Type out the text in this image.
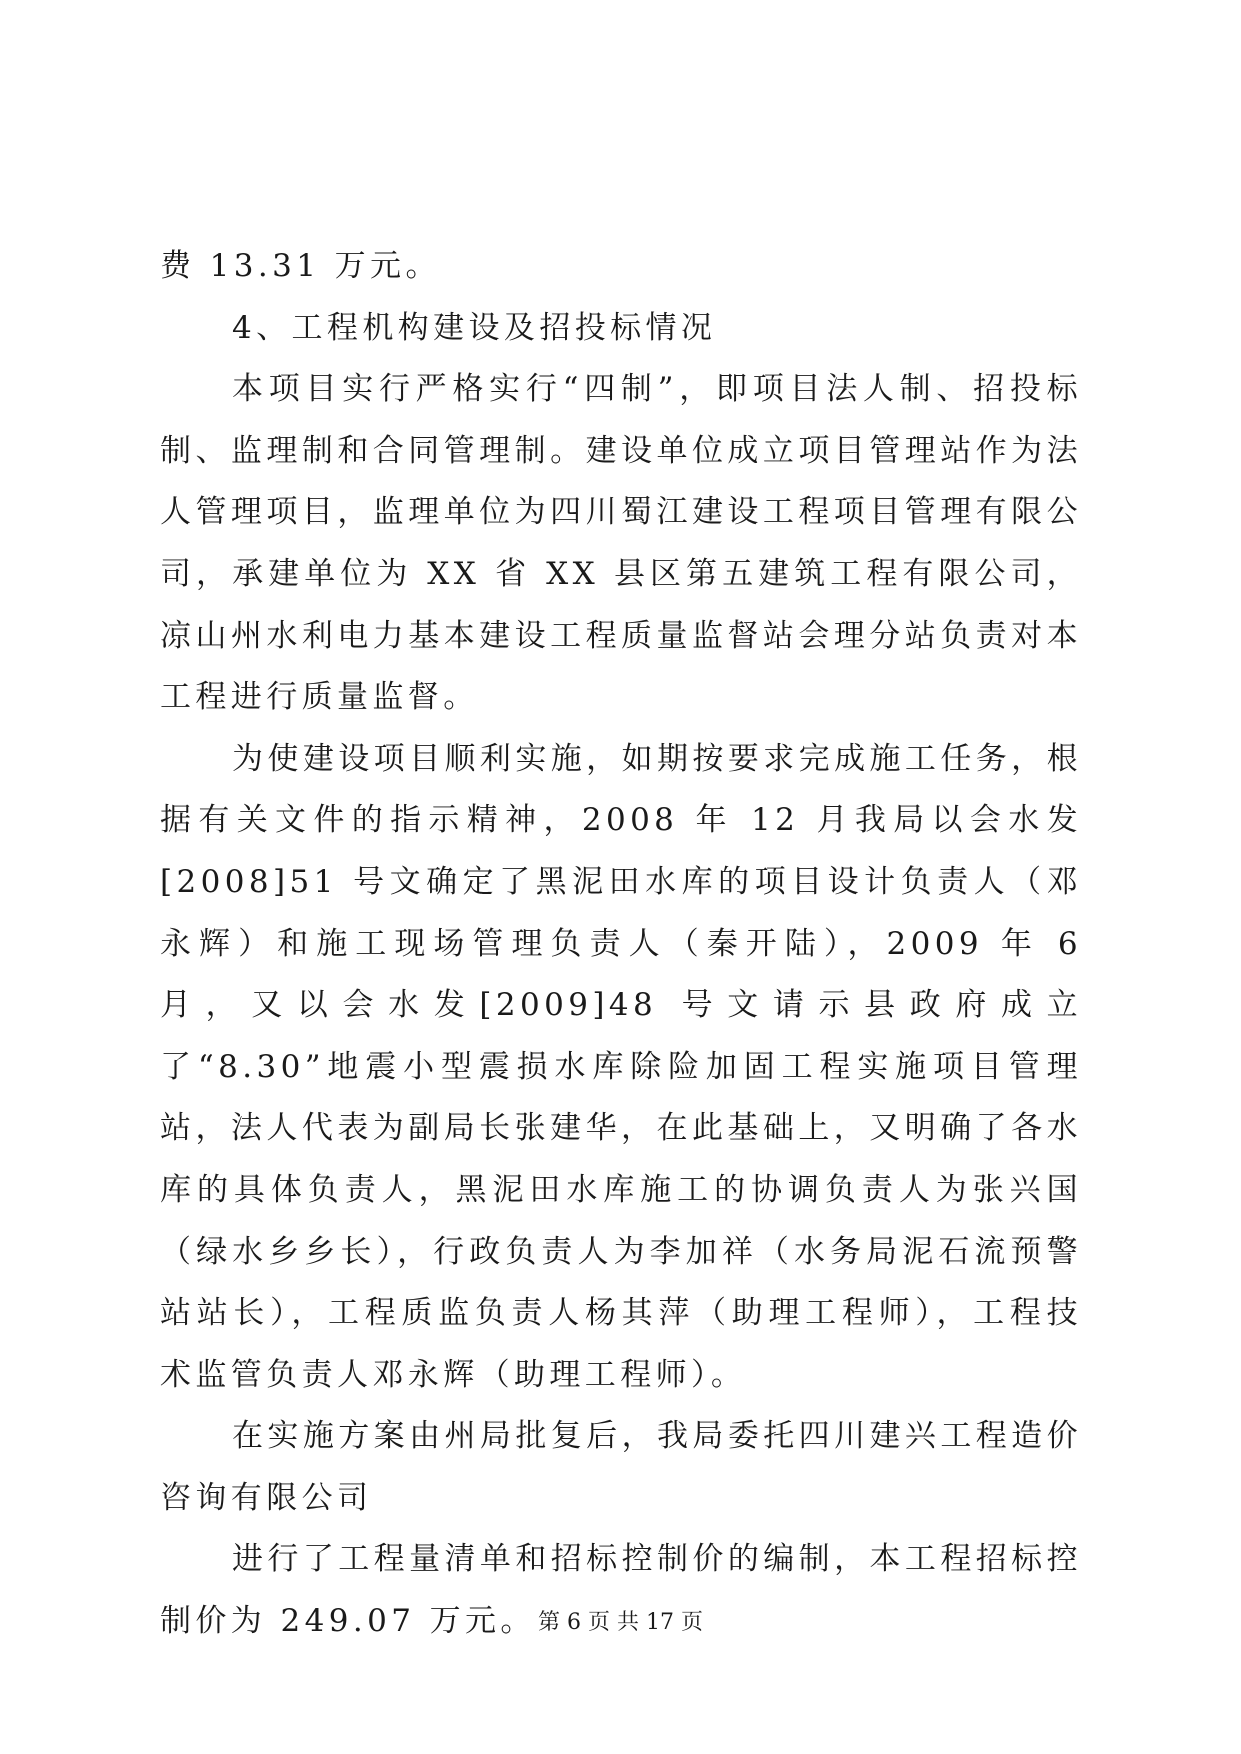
费 13.31 万元。

4、工程机构建设及招投标情况

本项目实行严格实行“四制”，即项目法人制、招投标制、监理制和合同管理制。建设单位成立项目管理站作为法人管理项目，监理单位为四川蜀江建设工程项目管理有限公司，承建单位为 XX 省 XX 县区第五建筑工程有限公司，凉山州水利电力基本建设工程质量监督站会理分站负责对本工程进行质量监督。

为使建设项目顺利实施，如期按要求完成施工任务，根据有关文件的指示精神，2008 年 12 月我局以会水发[2008]51 号文确定了黑泥田水库的项目设计负责人（邓永辉）和施工现场管理负责人（秦开陆），2009 年 6 月，又以会水发[2009]48 号文请示县政府成立了“8.30”地震小型震损水库除险加固工程实施项目管理站，法人代表为副局长张建华，在此基础上，又明确了各水库的具体负责人，黑泥田水库施工的协调负责人为张兴国（绿水乡乡长），行政负责人为李加祥（水务局泥石流预警站站长），工程质监负责人杨其萍（助理工程师），工程技术监管负责人邓永辉（助理工程师）。

在实施方案由州局批复后，我局委托四川建兴工程造价咨询有限公司

进行了工程量清单和招标控制价的编制，本工程招标控制价为 249.07 万元。 第 6 页 共 17 页
